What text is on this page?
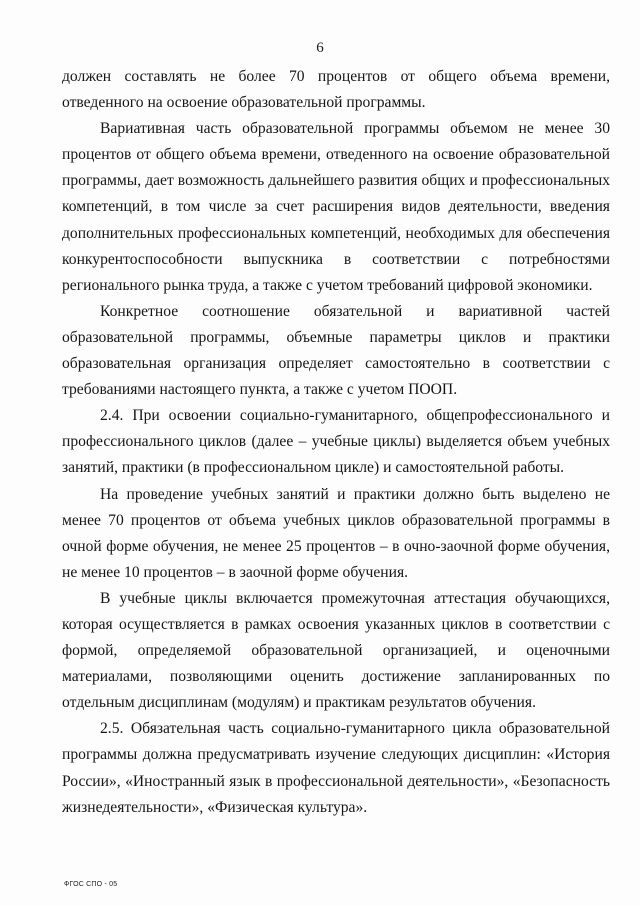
6

должен составлять не более 70 процентов от общего объема времени, отведенного на освоение образовательной программы.

Вариативная часть образовательной программы объемом не менее 30 процентов от общего объема времени, отведенного на освоение образовательной программы, дает возможность дальнейшего развития общих и профессиональных компетенций, в том числе за счет расширения видов деятельности, введения дополнительных профессиональных компетенций, необходимых для обеспечения конкурентоспособности выпускника в соответствии с потребностями регионального рынка труда, а также с учетом требований цифровой экономики.

Конкретное соотношение обязательной и вариативной частей образовательной программы, объемные параметры циклов и практики образовательная организация определяет самостоятельно в соответствии с требованиями настоящего пункта, а также с учетом ПООП.

2.4. При освоении социально-гуманитарного, общепрофессионального и профессионального циклов (далее – учебные циклы) выделяется объем учебных занятий, практики (в профессиональном цикле) и самостоятельной работы.

На проведение учебных занятий и практики должно быть выделено не менее 70 процентов от объема учебных циклов образовательной программы в очной форме обучения, не менее 25 процентов – в очно-заочной форме обучения, не менее 10 процентов – в заочной форме обучения.

В учебные циклы включается промежуточная аттестация обучающихся, которая осуществляется в рамках освоения указанных циклов в соответствии с формой, определяемой образовательной организацией, и оценочными материалами, позволяющими оценить достижение запланированных по отдельным дисциплинам (модулям) и практикам результатов обучения.

2.5. Обязательная часть социально-гуманитарного цикла образовательной программы должна предусматривать изучение следующих дисциплин: «История России», «Иностранный язык в профессиональной деятельности», «Безопасность жизнедеятельности», «Физическая культура».

ФГОС СПО - 05
